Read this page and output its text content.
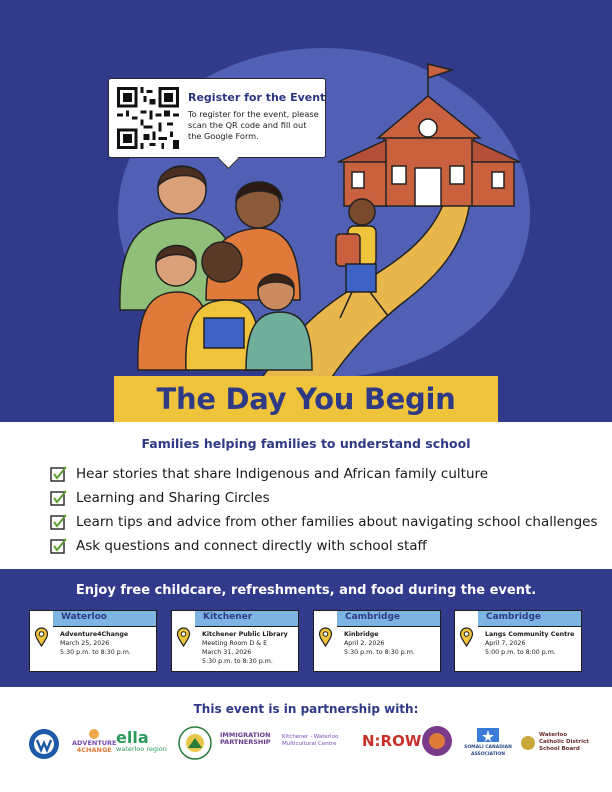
Register for the Event
To register for the event, please scan the QR code and fill out the Google Form.
The Day You Begin
Families helping families to understand school
Hear stories that share Indigenous and African family culture
Learning and Sharing Circles
Learn tips and advice from other families about navigating school challenges
Ask questions and connect directly with school staff
Enjoy free childcare, refreshments, and food during the event.
Waterloo
Adventure4Change
March 25, 2026
5:30 p.m. to 8:30 p.m.
Kitchener
Kitchener Public Library
Meeting Room D & E
March 31, 2026
5:30 p.m. to 8:30 p.m.
Cambridge
Kinbridge
April 2, 2026
5:30 p.m. to 8:30 p.m.
Cambridge
Langs Community Centre
April 7, 2026
5:00 p.m. to 8:00 p.m.
This event is in partnership with:
ADVENTURE
4CHANGE
ella
waterloo region
IMMIGRATION
PARTNERSHIP
Kitchener - Waterloo Multicultural Centre	N:ROW	SOMALI CANADIAN ASSOCIATION
Waterloo Catholic District School Board
